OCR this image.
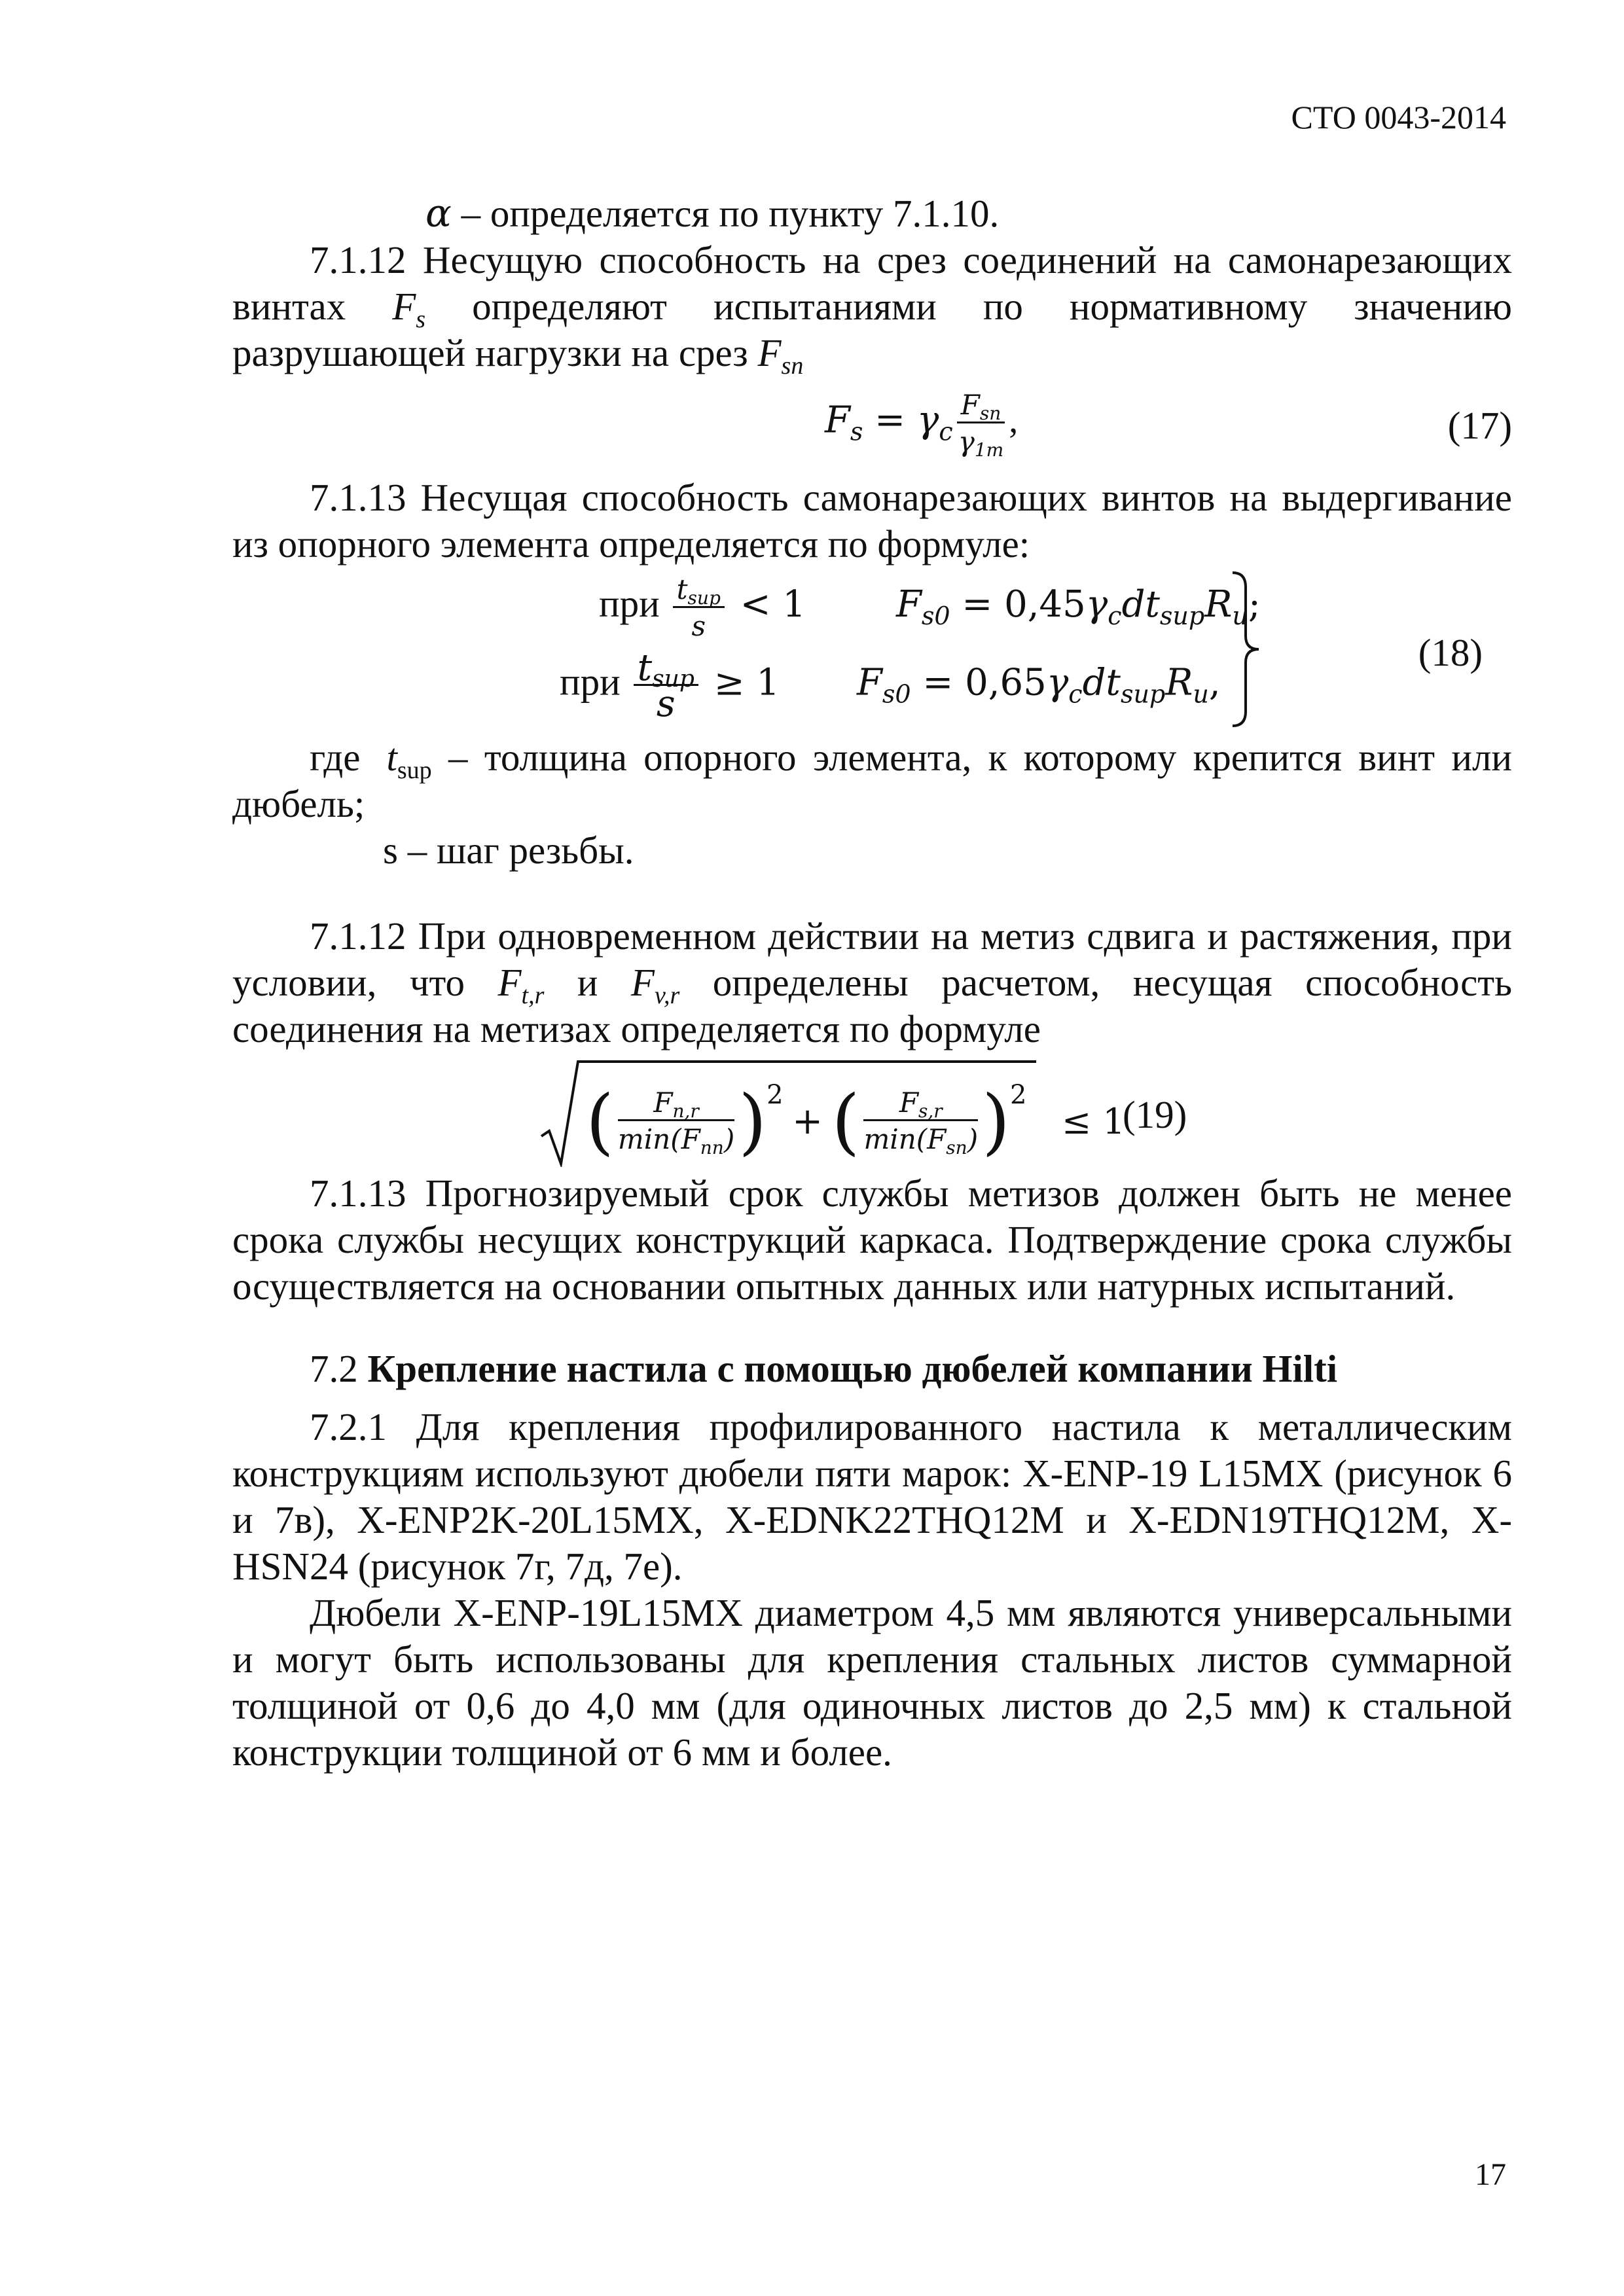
СТО 0043-2014

α – определяется по пункту 7.1.10.

7.1.12 Несущую способность на срез соединений на самонарезающих винтах $F_s$ определяют испытаниями по нормативному значению разрушающей нагрузки на срез $F_{sn}$

$F_s = \gamma_c \frac{F_{sn}}{\gamma_{1m}}$ ,	(17)

7.1.13 Несущая способность самонарезающих винтов на выдергивание из опорного элемента определяется по формуле:

при $\frac{t_{sup}}{s} < 1$ $F_{s0} = 0,45\gamma_cdt_{sup}R_u$;
при $\frac{t_{sup}}{s} \ge 1$ $F_{s0} = 0,65\gamma_cdt_{sup}R_u$,
(18)

где $t_{sup}$ – толщина опорного элемента, к которому крепится винт или дюбель;

s – шаг резьбы.

7.1.12 При одновременном действии на метиз сдвига и растяжения, при условии, что $F_{t,r}$ и $F_{v,r}$ определены расчетом, несущая способность соединения на метизах определяется по формуле

( $\frac{F_{n,r}}{\min(F_{nn})} )^2$ + ( $\frac{F_{s,r}}{\min(F_{sn})} )^2 \le 1$
(19)

7.1.13 Прогнозируемый срок службы метизов должен быть не менее срока службы несущих конструкций каркаса. Подтверждение срока службы осуществляется на основании опытных данных или натурных испытаний.

7.2 Крепление настила с помощью дюбелей компании Hilti

7.2.1 Для крепления профилированного настила к металлическим конструкциям используют дюбели пяти марок: X-ENP-19 L15MX (рисунок 6 и 7в), X-ENP2K-20L15MX, X-EDNK22THQ12M и X-EDN19THQ12M, X-HSN24 (рисунок 7г, 7д, 7е).

Дюбели X-ENP-19L15MX диаметром 4,5 мм являются универсальными и могут быть использованы для крепления стальных листов суммарной толщиной от 0,6 до 4,0 мм (для одиночных листов до 2,5 мм) к стальной конструкции толщиной от 6 мм и более.

17
